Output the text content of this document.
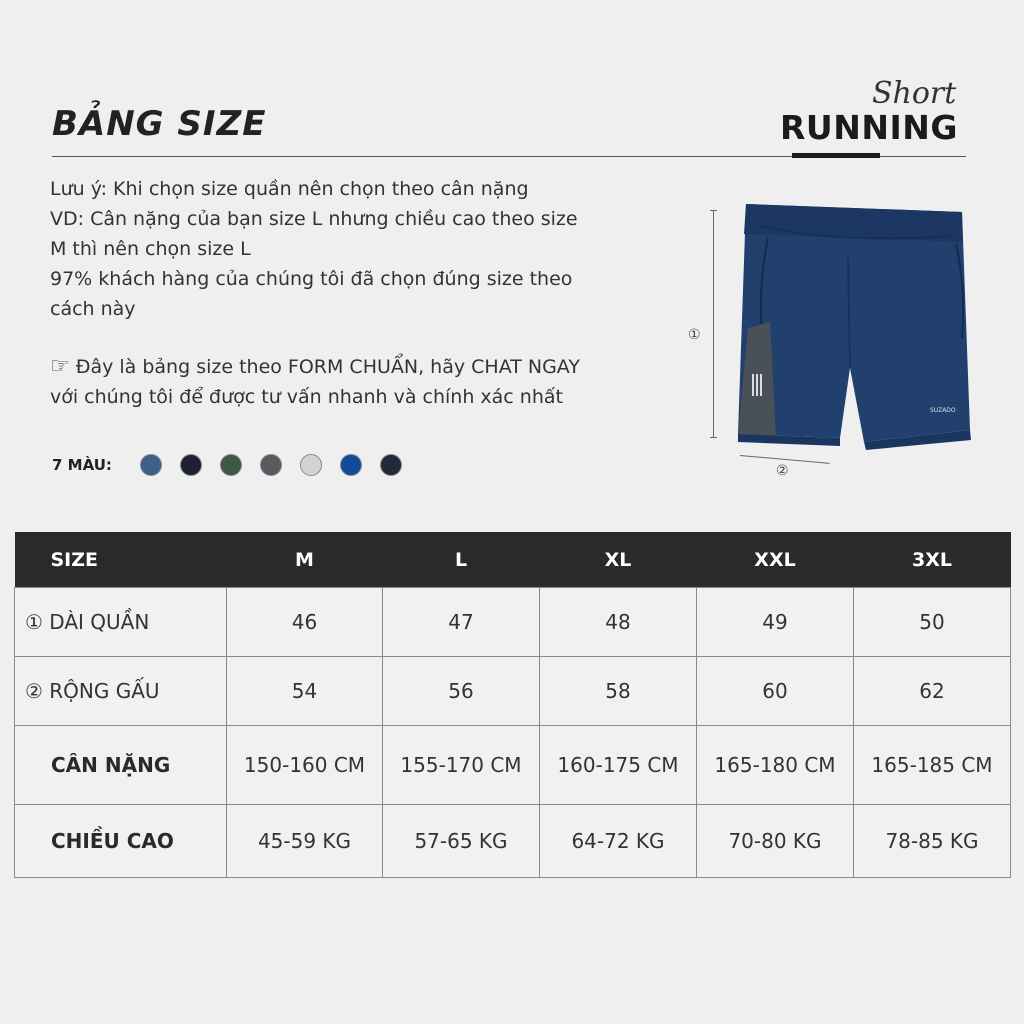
BẢNG SIZE
Short
RUNNING

Lưu ý: Khi chọn size quần nên chọn theo cân nặng

VD: Cân nặng của bạn size L nhưng chiều cao theo size M thì nên chọn size L

97% khách hàng của chúng tôi đã chọn đúng size theo cách này

☞ Đây là bảng size theo FORM CHUẨN, hãy CHAT NGAY với chúng tôi để được tư vấn nhanh và chính xác nhất
7 MÀU:
①
②
SUZADO
SIZE	M	L	XL	XXL	3XL
① DÀI QUẦN	46	47	48	49	50
② RỘNG GẤU	54	56	58	60	62
CÂN NẶNG	150-160 CM	155-170 CM	160-175 CM	165-180 CM	165-185 CM
CHIỀU CAO	45-59 KG	57-65 KG	64-72 KG	70-80 KG	78-85 KG
